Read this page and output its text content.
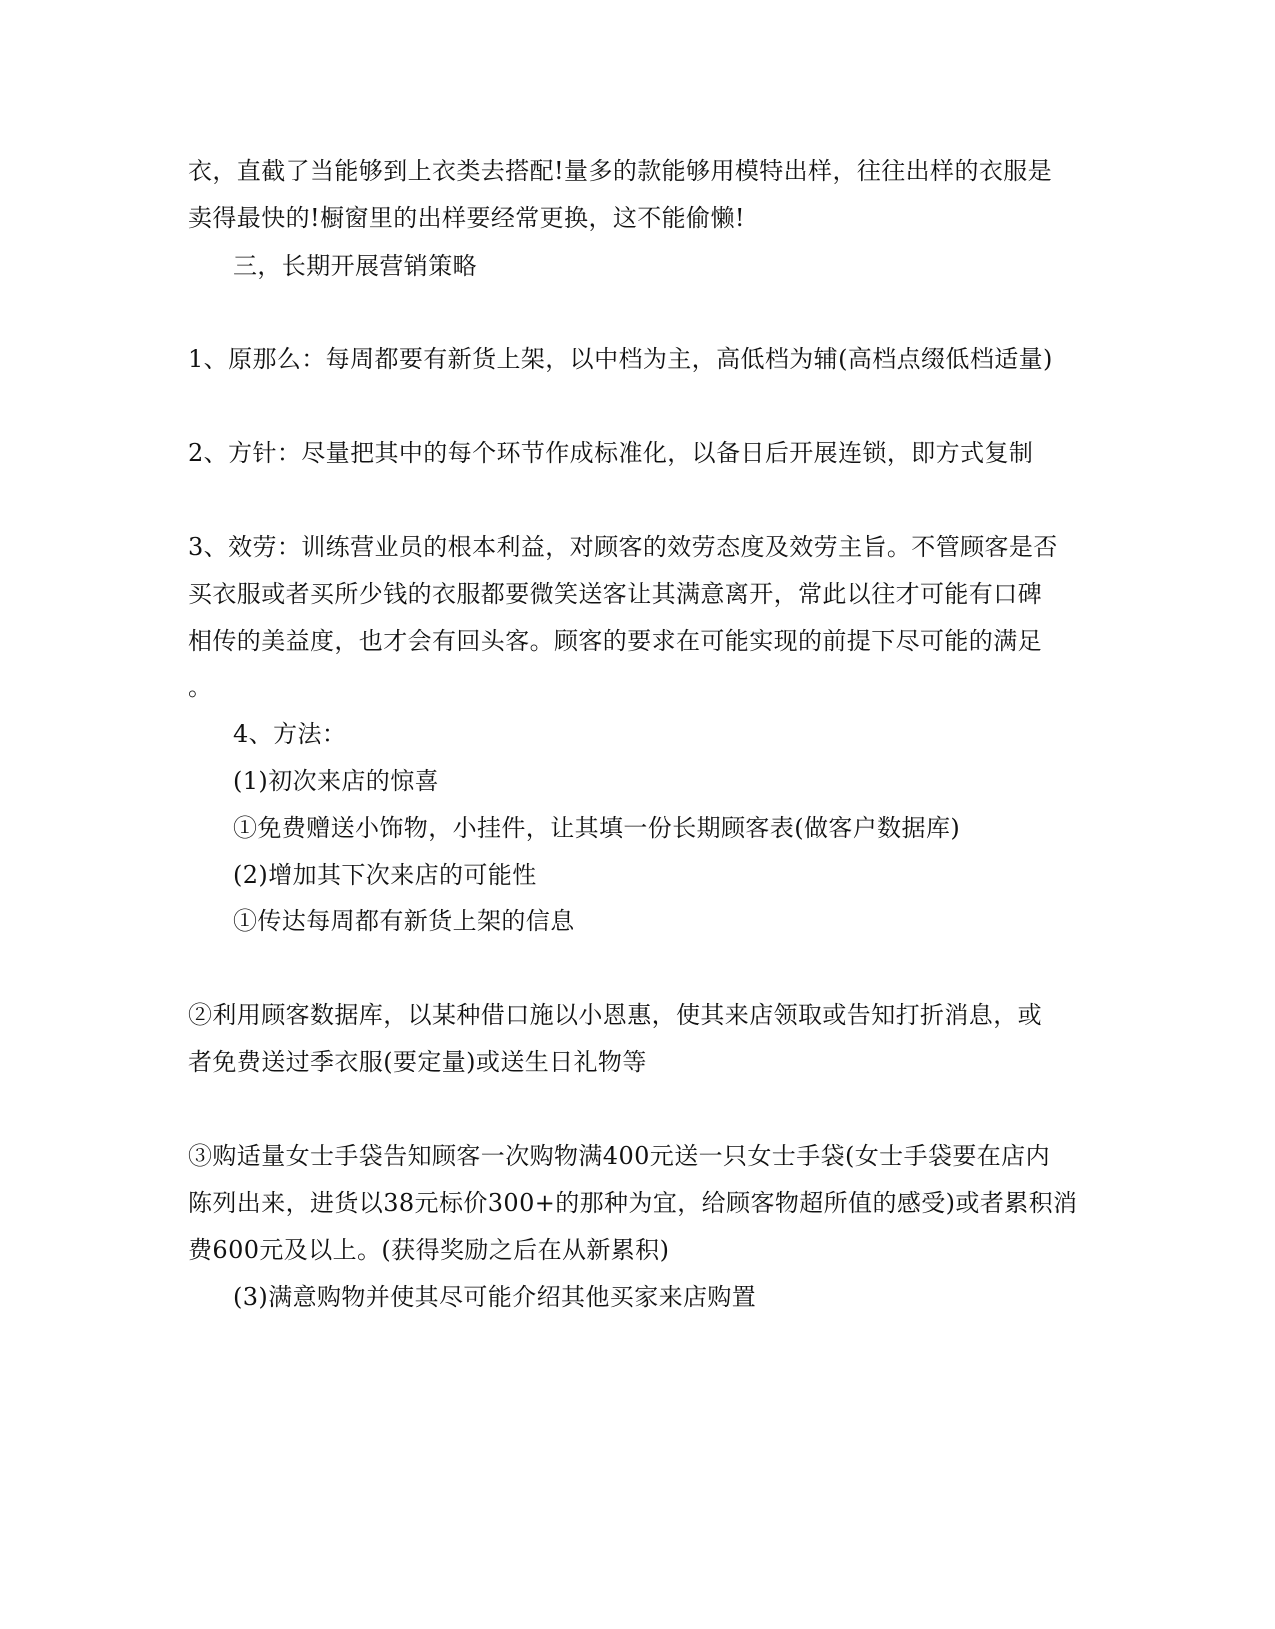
衣，直截了当能够到上衣类去搭配!量多的款能够用模特出样，往往出样的衣服是
卖得最快的!橱窗里的出样要经常更换，这不能偷懒!
三，长期开展营销策略
1、原那么：每周都要有新货上架，以中档为主，高低档为辅(高档点缀低档适量)
2、方针：尽量把其中的每个环节作成标准化，以备日后开展连锁，即方式复制
3、效劳：训练营业员的根本利益，对顾客的效劳态度及效劳主旨。不管顾客是否
买衣服或者买所少钱的衣服都要微笑送客让其满意离开，常此以往才可能有口碑
相传的美益度，也才会有回头客。顾客的要求在可能实现的前提下尽可能的满足
。
4、方法：
(1)初次来店的惊喜
①免费赠送小饰物，小挂件，让其填一份长期顾客表(做客户数据库)
(2)增加其下次来店的可能性
①传达每周都有新货上架的信息
②利用顾客数据库，以某种借口施以小恩惠，使其来店领取或告知打折消息，或
者免费送过季衣服(要定量)或送生日礼物等
③购适量女士手袋告知顾客一次购物满400元送一只女士手袋(女士手袋要在店内
陈列出来，进货以38元标价300+的那种为宜，给顾客物超所值的感受)或者累积消
费600元及以上。(获得奖励之后在从新累积)
(3)满意购物并使其尽可能介绍其他买家来店购置
